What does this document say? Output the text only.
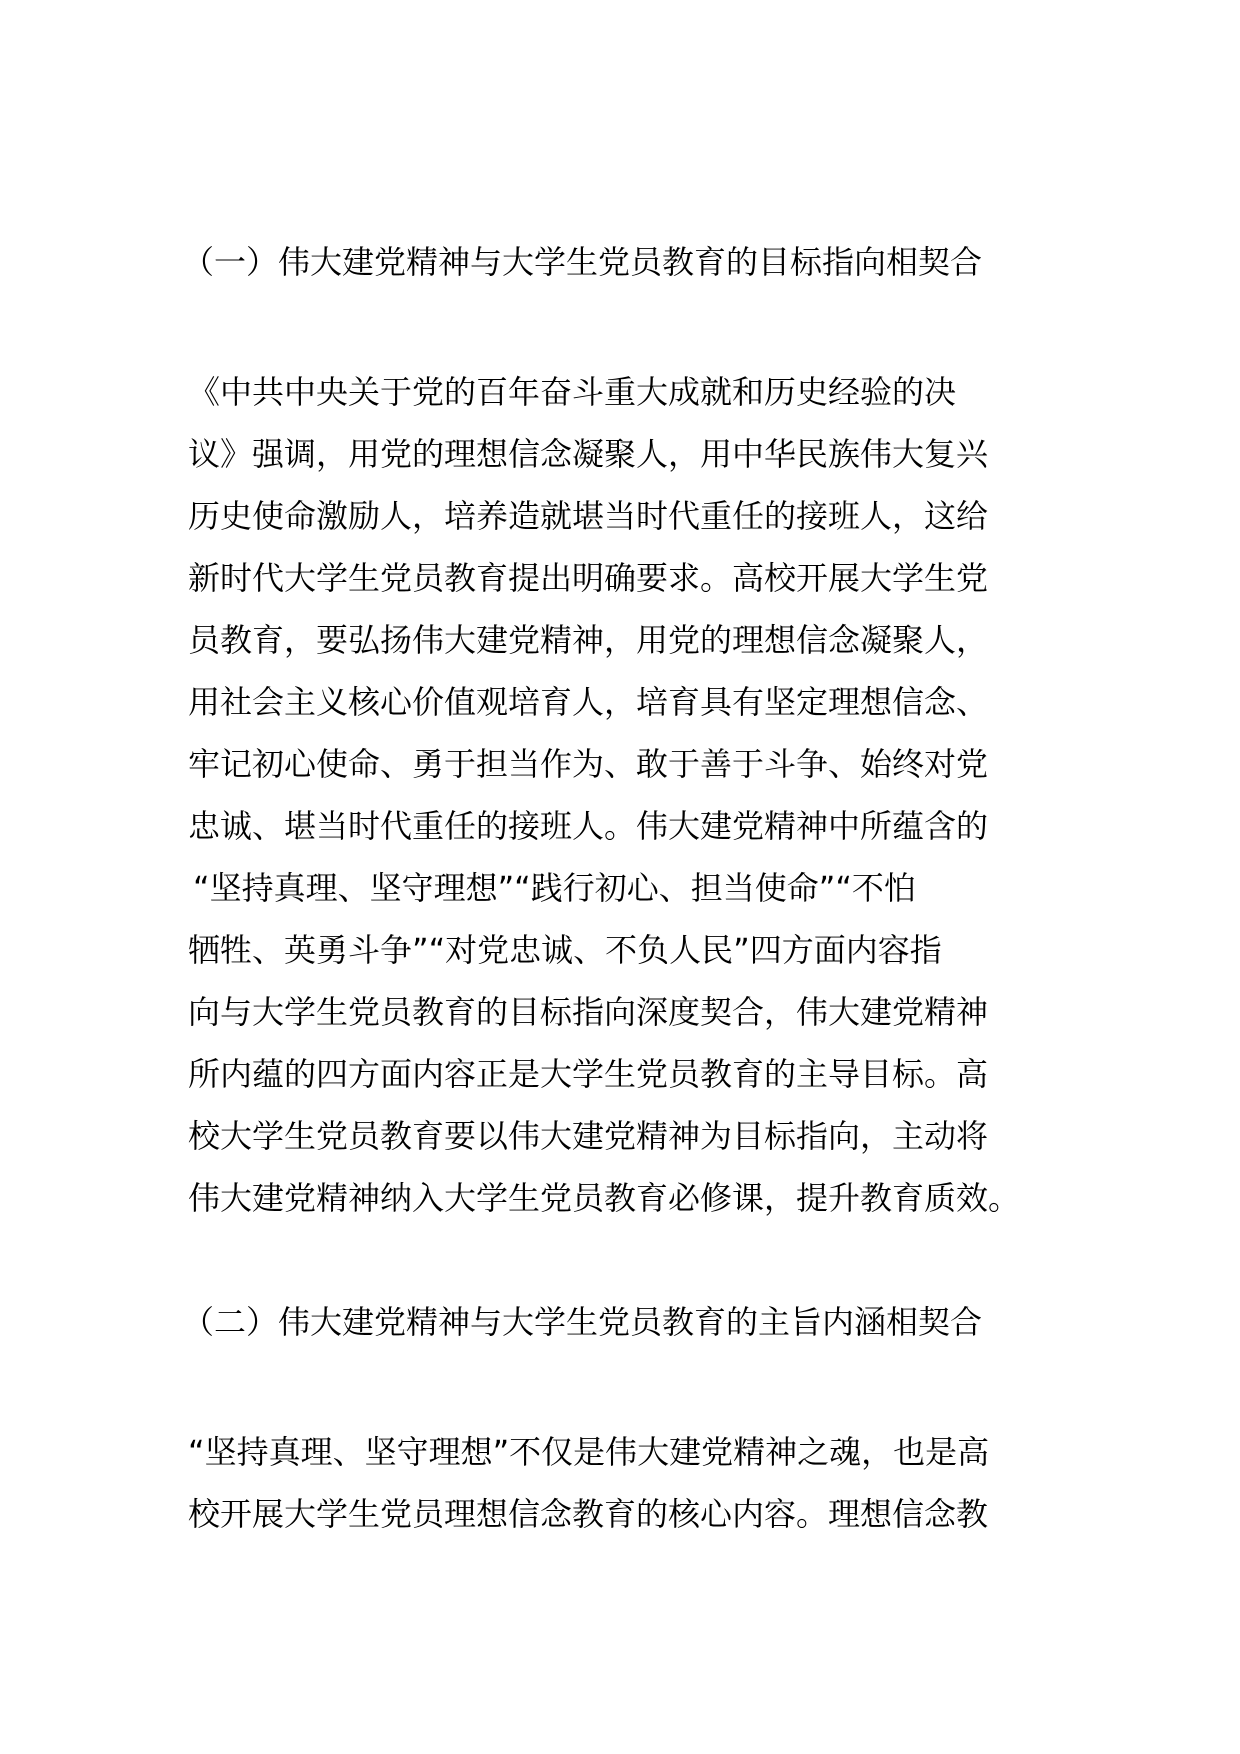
（一）伟大建党精神与大学生党员教育的目标指向相契合

《中共中央关于党的百年奋斗重大成就和历史经验的决

议》强调，用党的理想信念凝聚人，用中华民族伟大复兴

历史使命激励人，培养造就堪当时代重任的接班人，这给

新时代大学生党员教育提出明确要求。高校开展大学生党

员教育，要弘扬伟大建党精神，用党的理想信念凝聚人，

用社会主义核心价值观培育人，培育具有坚定理想信念、

牢记初心使命、勇于担当作为、敢于善于斗争、始终对党

忠诚、堪当时代重任的接班人。伟大建党精神中所蕴含的

“坚持真理、坚守理想”“践行初心、担当使命”“不怕

牺牲、英勇斗争”“对党忠诚、不负人民”四方面内容指

向与大学生党员教育的目标指向深度契合，伟大建党精神

所内蕴的四方面内容正是大学生党员教育的主导目标。高

校大学生党员教育要以伟大建党精神为目标指向，主动将

伟大建党精神纳入大学生党员教育必修课，提升教育质效。

（二）伟大建党精神与大学生党员教育的主旨内涵相契合

“坚持真理、坚守理想”不仅是伟大建党精神之魂，也是高

校开展大学生党员理想信念教育的核心内容。理想信念教
